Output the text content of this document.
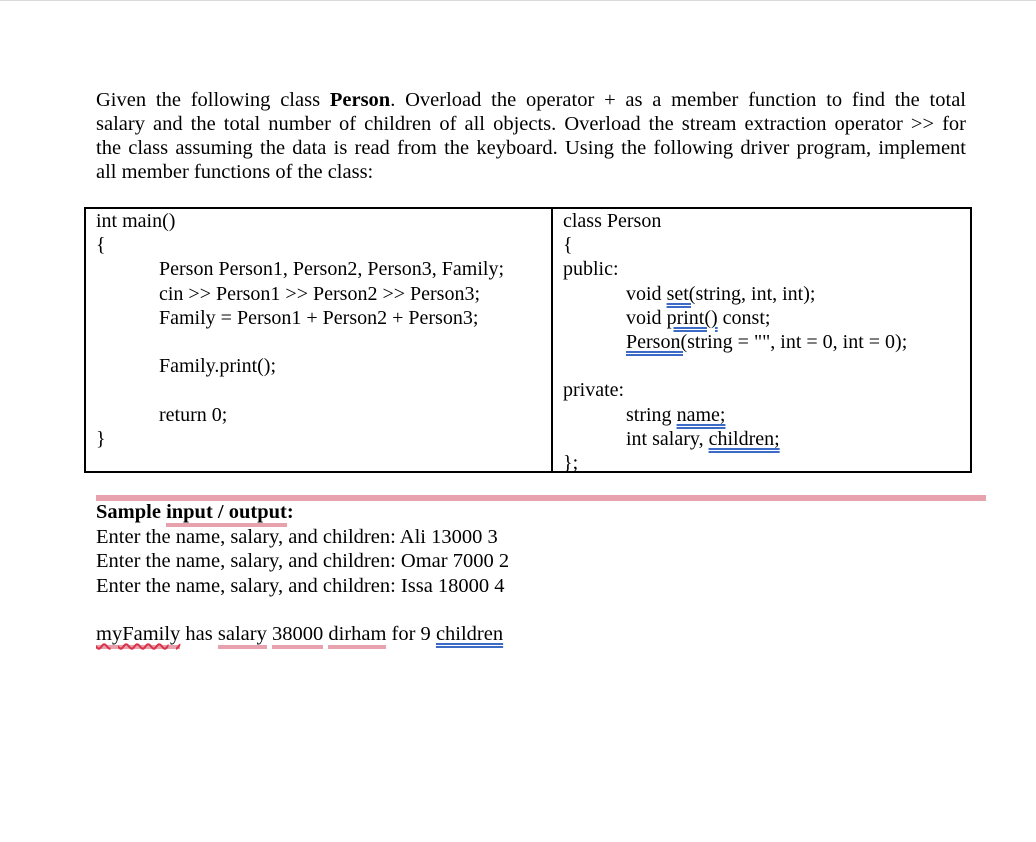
Given the following class Person. Overload the operator + as a member function to find the total
salary and the total number of children of all objects. Overload the stream extraction operator >> for
the class assuming the data is read from the keyboard. Using the following driver program, implement
all member functions of the class:
int main()
{
Person Person1, Person2, Person3, Family;
cin >> Person1 >> Person2 >> Person3;
Family = Person1 + Person2 + Person3;

Family.print();

return 0;
}
class Person
{
public:
void set(string, int, int);
void print() const;
Person(string = "", int = 0, int = 0);

private:
string name;
int salary, children;
};
Sample input / output:
Enter the name, salary, and children: Ali 13000 3
Enter the name, salary, and children: Omar 7000 2
Enter the name, salary, and children: Issa 18000 4
myFamily has salary 38000 dirham for 9 children
